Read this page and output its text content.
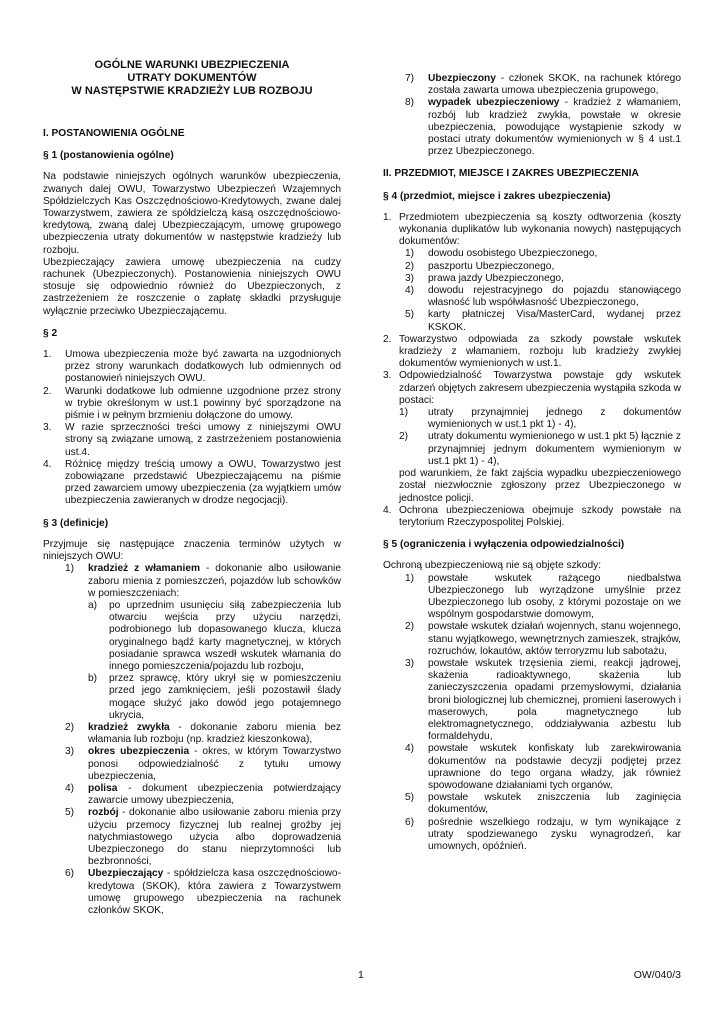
OGÓLNE WARUNKI UBEZPIECZENIA
UTRATY DOKUMENTÓW
W NASTĘPSTWIE KRADZIEŻY LUB ROZBOJU
I. POSTANOWIENIA OGÓLNE
§ 1 (postanowienia ogólne)

Na podstawie niniejszych ogólnych warunków ubezpieczenia, zwanych dalej OWU, Towarzystwo Ubezpieczeń Wzajemnych Spółdzielczych Kas Oszczędnościowo-Kredytowych, zwane dalej Towarzystwem, zawiera ze spółdzielczą kasą oszczędnościowo-kredytową, zwaną dalej Ubezpieczającym, umowę grupowego ubezpieczenia utraty dokumentów w następstwie kradzieży lub rozboju.

Ubezpieczający zawiera umowę ubezpieczenia na cudzy rachunek (Ubezpieczonych). Postanowienia niniejszych OWU stosuje się odpowiednio również do Ubezpieczonych, z zastrzeżeniem że roszczenie o zapłatę składki przysługuje wyłącznie przeciwko Ubezpieczającemu.

§ 2
1.	Umowa ubezpieczenia może być zawarta na uzgodnionych przez strony warunkach dodatkowych lub odmiennych od postanowień niniejszych OWU.
2.	Warunki dodatkowe lub odmienne uzgodnione przez strony w trybie określonym w ust.1 powinny być sporządzone na piśmie i w pełnym brzmieniu dołączone do umowy.
3.	W razie sprzeczności treści umowy z niniejszymi OWU strony są związane umową, z zastrzeżeniem postanowienia ust.4.
4.	Różnicę między treścią umowy a OWU, Towarzystwo jest zobowiązane przedstawić Ubezpieczającemu na piśmie przed zawarciem umowy ubezpieczenia (za wyjątkiem umów ubezpieczenia zawieranych w drodze negocjacji).
§ 3 (definicje)

Przyjmuje się następujące znaczenia terminów użytych w niniejszych OWU:

1)	kradzież z włamaniem - dokonanie albo usiłowanie zaboru mienia z pomieszczeń, pojazdów lub schowków w pomieszczeniach:
a)	po uprzednim usunięciu siłą zabezpieczenia lub otwarciu wejścia przy użyciu narzędzi, podrobionego lub dopasowanego klucza, klucza oryginalnego bądź karty magnetycznej, w których posiadanie sprawca wszedł wskutek włamania do innego pomieszczenia/pojazdu lub rozboju,
b)	przez sprawcę, który ukrył się w pomieszczeniu przed jego zamknięciem, jeśli pozostawił ślady mogące służyć jako dowód jego potajemnego ukrycia,
2)	kradzież zwykła - dokonanie zaboru mienia bez włamania lub rozboju (np. kradzież kieszonkowa),
3)	okres ubezpieczenia - okres, w którym Towarzystwo ponosi odpowiedzialność z tytułu umowy ubezpieczenia,
4)	polisa - dokument ubezpieczenia potwierdzający zawarcie umowy ubezpieczenia,
5)	rozbój - dokonanie albo usiłowanie zaboru mienia przy użyciu przemocy fizycznej lub realnej groźby jej natychmiastowego użycia albo doprowadzenia Ubezpieczonego do stanu nieprzytomności lub bezbronności,
6)	Ubezpieczający - spółdzielcza kasa oszczędnościowo-kredytowa (SKOK), która zawiera z Towarzystwem umowę grupowego ubezpieczenia na rachunek członków SKOK,
7)	Ubezpieczony - członek SKOK, na rachunek którego została zawarta umowa ubezpieczenia grupowego,
8)	wypadek ubezpieczeniowy - kradzież z włamaniem, rozbój lub kradzież zwykła, powstałe w okresie ubezpieczenia, powodujące wystąpienie szkody w postaci utraty dokumentów wymienionych w § 4 ust.1 przez Ubezpieczonego.
II. PRZEDMIOT, MIEJSCE I ZAKRES UBEZPIECZENIA
§ 4 (przedmiot, miejsce i zakres ubezpieczenia)
1. Przedmiotem ubezpieczenia są koszty odtworzenia (koszty wykonania duplikatów lub wykonania nowych) następujących dokumentów:
1)	dowodu osobistego Ubezpieczonego,
2)	paszportu Ubezpieczonego,
3)	prawa jazdy Ubezpieczonego,
4)	dowodu rejestracyjnego do pojazdu stanowiącego własność lub współwłasność Ubezpieczonego,
5)	karty płatniczej Visa/MasterCard, wydanej przez KSKOK.
2. Towarzystwo odpowiada za szkody powstałe wskutek kradzieży z włamaniem, rozboju lub kradzieży zwykłej dokumentów wymienionych w ust.1.
3. Odpowiedzialność Towarzystwa powstaje gdy wskutek zdarzeń objętych zakresem ubezpieczenia wystąpiła szkoda w postaci:
1)	utraty przynajmniej jednego z dokumentów wymienionych w ust.1 pkt 1) - 4),
2)	utraty dokumentu wymienionego w ust.1 pkt 5) łącznie z przynajmniej jednym dokumentem wymienionym w ust.1 pkt 1) - 4),

pod warunkiem, że fakt zajścia wypadku ubezpieczeniowego został niezwłocznie zgłoszony przez Ubezpieczonego w jednostce policji.

4. Ochrona ubezpieczeniowa obejmuje szkody powstałe na terytorium Rzeczypospolitej Polskiej.
§ 5 (ograniczenia i wyłączenia odpowiedzialności)

Ochroną ubezpieczeniową nie są objęte szkody:

1)	powstałe wskutek rażącego niedbalstwa Ubezpieczonego lub wyrządzone umyślnie przez Ubezpieczonego lub osoby, z którymi pozostaje on we wspólnym gospodarstwie domowym,
2)	powstałe wskutek działań wojennych, stanu wojennego, stanu wyjątkowego, wewnętrznych zamieszek, strajków, rozruchów, lokautów, aktów terroryzmu lub sabotażu,
3)	powstałe wskutek trzęsienia ziemi, reakcji jądrowej, skażenia radioaktywnego, skażenia lub zanieczyszczenia opadami przemysłowymi, działania broni biologicznej lub chemicznej, promieni laserowych i maserowych, pola magnetycznego lub elektromagnetycznego, oddziaływania azbestu lub formaldehydu,
4)	powstałe wskutek konfiskaty lub zarekwirowania dokumentów na podstawie decyzji podjętej przez uprawnione do tego organa władzy, jak również spowodowane działaniami tych organów,
5)	powstałe wskutek zniszczenia lub zaginięcia dokumentów,
6)	pośrednie wszelkiego rodzaju, w tym wynikające z utraty spodziewanego zysku wynagrodzeń, kar umownych, opóźnień.
1	OW/040/3
